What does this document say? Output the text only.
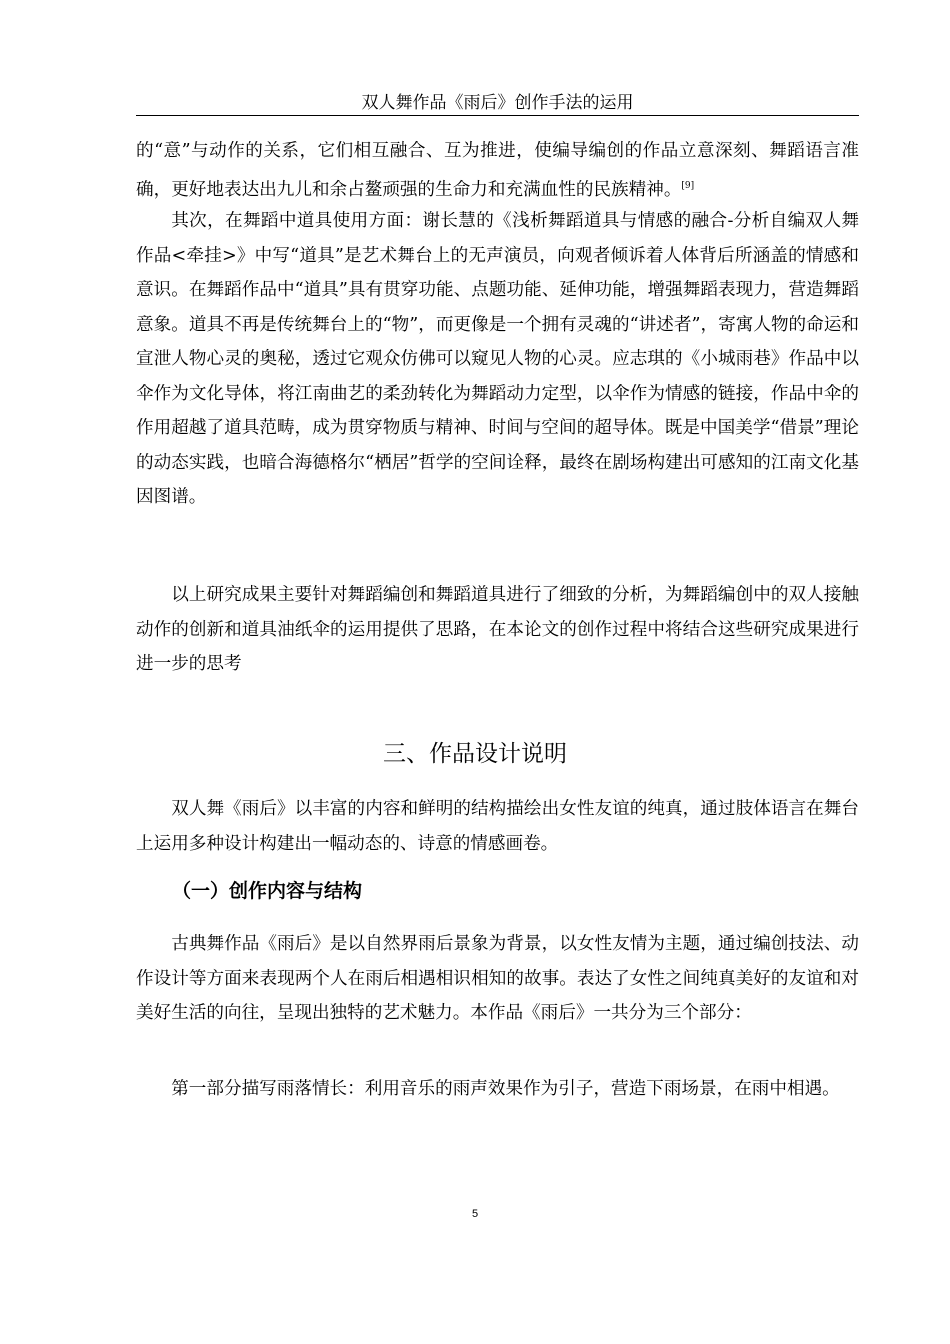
双人舞作品《雨后》创作手法的运用

的“意”与动作的关系，它们相互融合、互为推进，使编导编创的作品立意深刻、舞蹈语言准确，更好地表达出九儿和余占鳌顽强的生命力和充满血性的民族精神。[9]

其次，在舞蹈中道具使用方面：谢长慧的《浅析舞蹈道具与情感的融合-分析自编双人舞作品<牵挂>》中写“道具”是艺术舞台上的无声演员，向观者倾诉着人体背后所涵盖的情感和意识。在舞蹈作品中“道具”具有贯穿功能、点题功能、延伸功能，增强舞蹈表现力，营造舞蹈意象。道具不再是传统舞台上的“物”，而更像是一个拥有灵魂的“讲述者”，寄寓人物的命运和宣泄人物心灵的奥秘，透过它观众仿佛可以窥见人物的心灵。应志琪的《小城雨巷》作品中以伞作为文化导体，将江南曲艺的柔劲转化为舞蹈动力定型，以伞作为情感的链接，作品中伞的作用超越了道具范畴，成为贯穿物质与精神、时间与空间的超导体。既是中国美学“借景”理论的动态实践，也暗合海德格尔“栖居”哲学的空间诠释，最终在剧场构建出可感知的江南文化基因图谱。

以上研究成果主要针对舞蹈编创和舞蹈道具进行了细致的分析，为舞蹈编创中的双人接触动作的创新和道具油纸伞的运用提供了思路，在本论文的创作过程中将结合这些研究成果进行进一步的思考

三、作品设计说明

双人舞《雨后》以丰富的内容和鲜明的结构描绘出女性友谊的纯真，通过肢体语言在舞台上运用多种设计构建出一幅动态的、诗意的情感画卷。

（一）创作内容与结构

古典舞作品《雨后》是以自然界雨后景象为背景，以女性友情为主题，通过编创技法、动作设计等方面来表现两个人在雨后相遇相识相知的故事。表达了女性之间纯真美好的友谊和对美好生活的向往，呈现出独特的艺术魅力。本作品《雨后》一共分为三个部分：

第一部分描写雨落情长：利用音乐的雨声效果作为引子，营造下雨场景，在雨中相遇。

5
